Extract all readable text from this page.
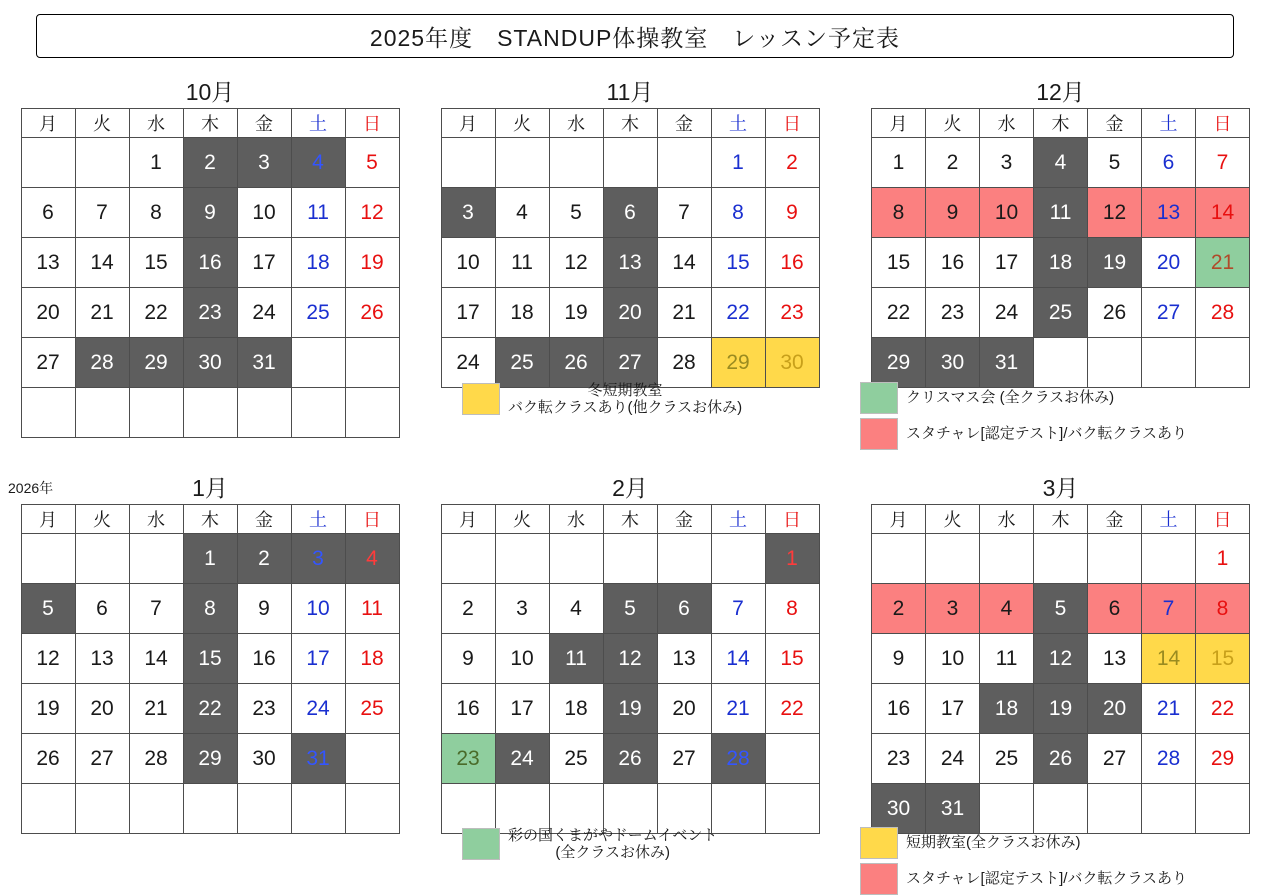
2025年度　STANDUP体操教室　レッスン予定表
10月
月	火	水	木	金	土	日
		1	2	3	4	5
6	7	8	9	10	11	12
13	14	15	16	17	18	19
20	21	22	23	24	25	26
27	28	29	30	31		

11月
月	火	水	木	金	土	日
					1	2
3	4	5	6	7	8	9
10	11	12	13	14	15	16
17	18	19	20	21	22	23
24	25	26	27	28	29	30
冬短期教室
バク転クラスあり(他クラスお休み)
12月
月	火	水	木	金	土	日
1	2	3	4	5	6	7
8	9	10	11	12	13	14
15	16	17	18	19	20	21
22	23	24	25	26	27	28
29	30	31				
クリスマス会 (全クラスお休み)
スタチャレ[認定テスト]/バク転クラスあり
2026年	1月
月	火	水	木	金	土	日
			1	2	3	4
5	6	7	8	9	10	11
12	13	14	15	16	17	18
19	20	21	22	23	24	25
26	27	28	29	30	31	

2月
月	火	水	木	金	土	日
						1
2	3	4	5	6	7	8
9	10	11	12	13	14	15
16	17	18	19	20	21	22
23	24	25	26	27	28	

彩の国くまがやドームイベント
(全クラスお休み)
3月
月	火	水	木	金	土	日
						1
2	3	4	5	6	7	8
9	10	11	12	13	14	15
16	17	18	19	20	21	22
23	24	25	26	27	28	29
30	31					
短期教室(全クラスお休み)
スタチャレ[認定テスト]/バク転クラスあり
